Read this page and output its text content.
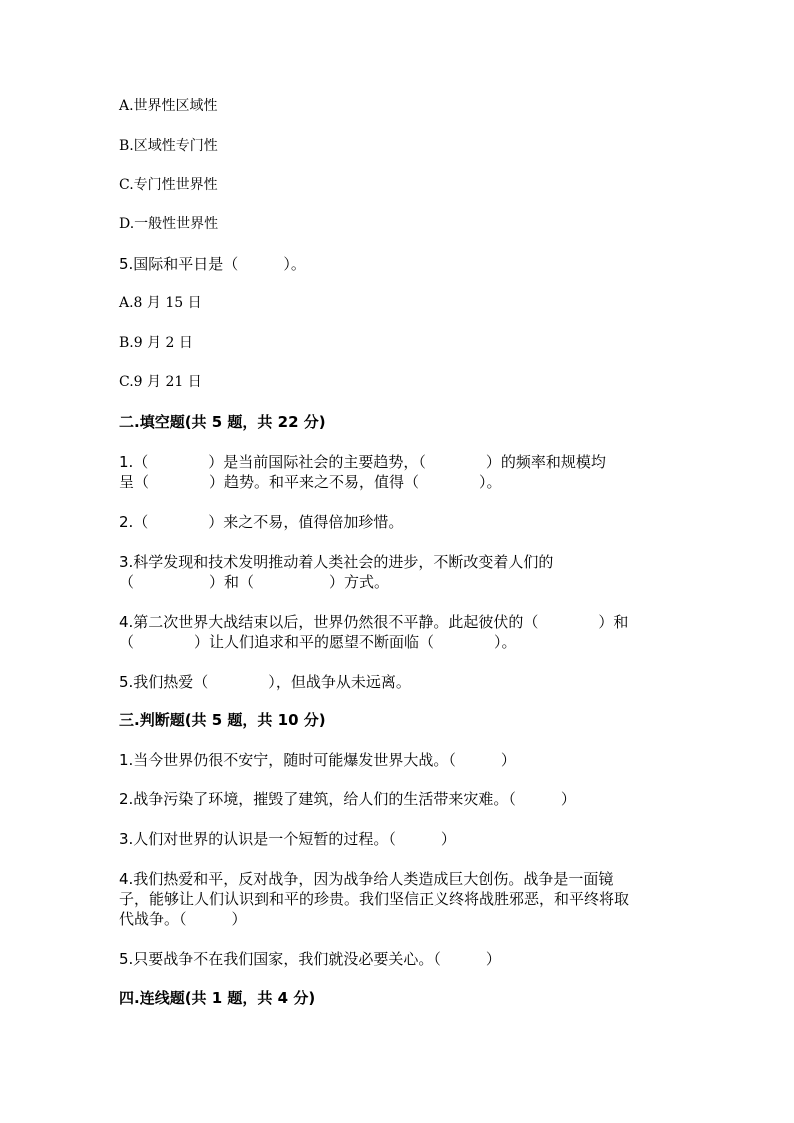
A.世界性区域性
B.区域性专门性
C.专门性世界性
D.一般性世界性
5.国际和平日是（　　　）。
A.8 月 15 日
B.9 月 2 日
C.9 月 21 日
二.填空题(共 5 题，共 22 分)
1.（　　　　）是当前国际社会的主要趋势，（　　　　）的频率和规模均
呈（　　　　）趋势。和平来之不易，值得（　　　　）。
2.（　　　　）来之不易，值得倍加珍惜。
3.科学发现和技术发明推动着人类社会的进步，不断改变着人们的
（　　　　　）和（　　　　　）方式。
4.第二次世界大战结束以后，世界仍然很不平静。此起彼伏的（　　　　）和
（　　　　）让人们追求和平的愿望不断面临（　　　　）。
5.我们热爱（　　　　），但战争从未远离。
三.判断题(共 5 题，共 10 分)
1.当今世界仍很不安宁，随时可能爆发世界大战。（　　　）
2.战争污染了环境，摧毁了建筑，给人们的生活带来灾难。（　　　）
3.人们对世界的认识是一个短暂的过程。（　　　）
4.我们热爱和平，反对战争，因为战争给人类造成巨大创伤。战争是一面镜
子，能够让人们认识到和平的珍贵。我们坚信正义终将战胜邪恶，和平终将取
代战争。（　　　）
5.只要战争不在我们国家，我们就没必要关心。（　　　）
四.连线题(共 1 题，共 4 分)
